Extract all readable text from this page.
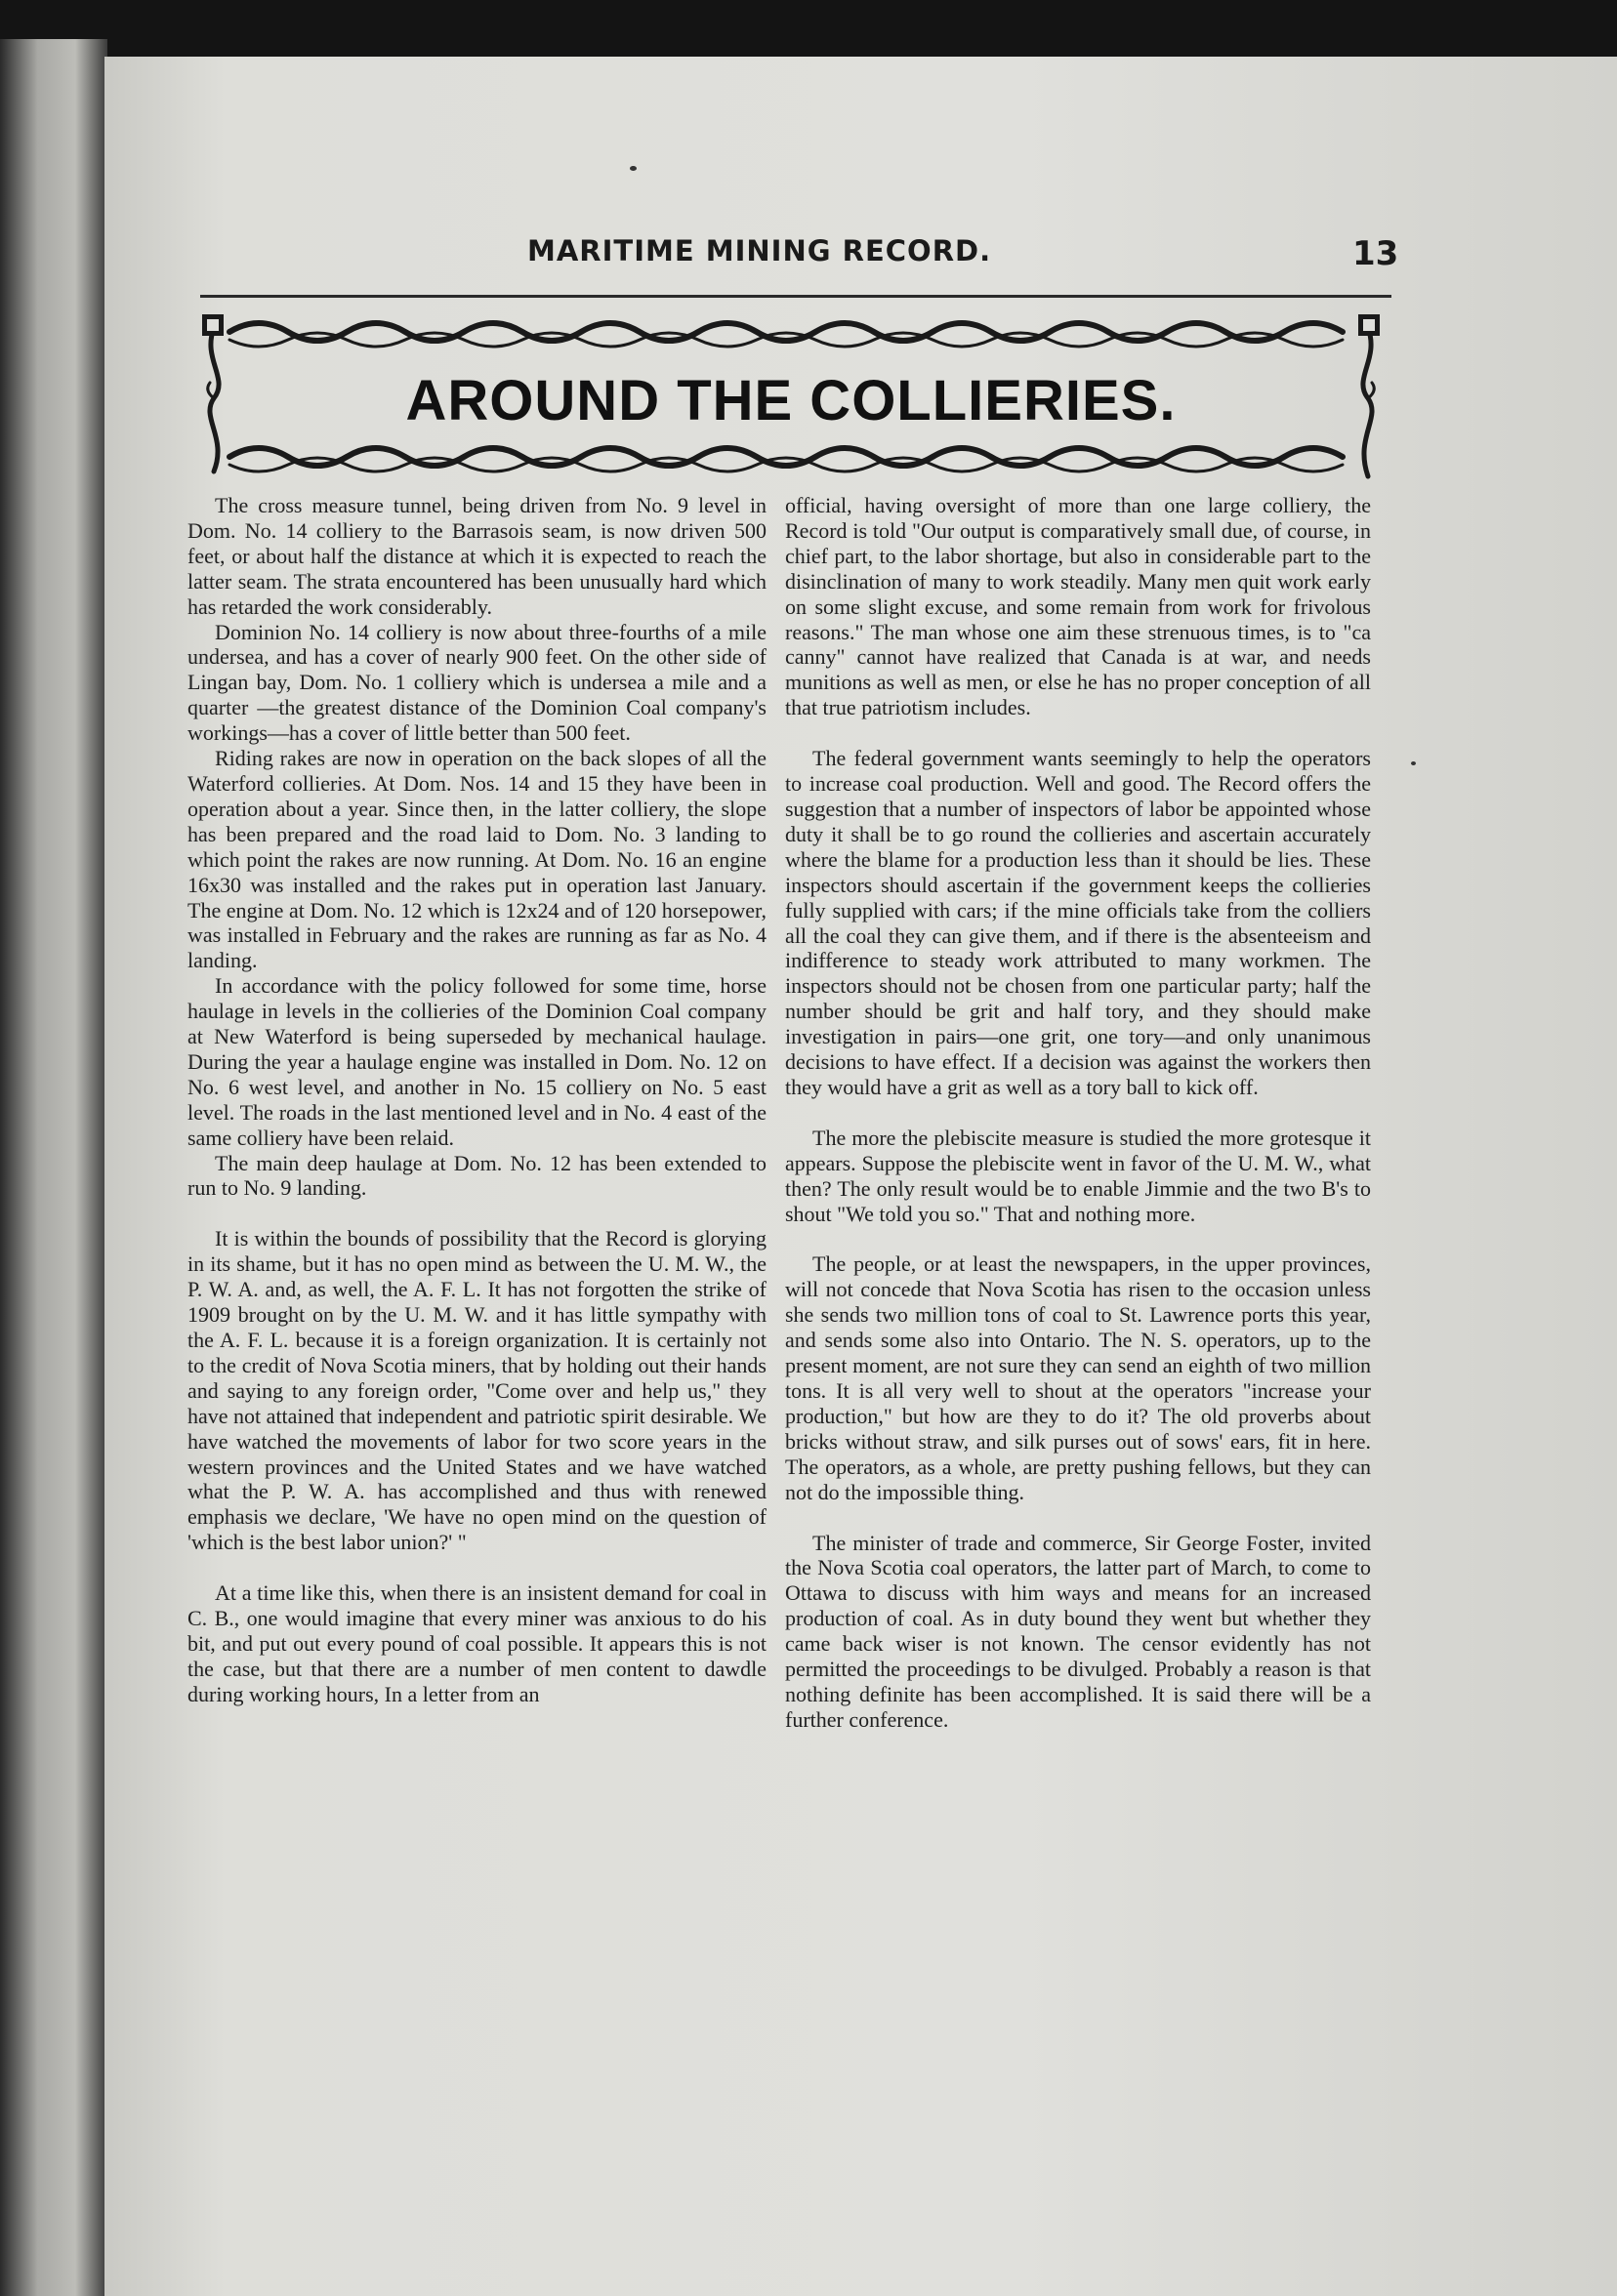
MARITIME MINING RECORD.	13
AROUND THE COLLIERIES.

The cross measure tunnel, being driven from No. 9 level in Dom. No. 14 colliery to the Barrasois seam, is now driven 500 feet, or about half the distance at which it is expected to reach the latter seam. The strata encountered has been unusually hard which has retarded the work considerably.

Dominion No. 14 colliery is now about three-fourths of a mile undersea, and has a cover of nearly 900 feet. On the other side of Lingan bay, Dom. No. 1 colliery which is undersea a mile and a quarter —the greatest distance of the Dominion Coal company's workings—has a cover of little better than 500 feet.

Riding rakes are now in operation on the back slopes of all the Waterford collieries. At Dom. Nos. 14 and 15 they have been in operation about a year. Since then, in the latter colliery, the slope has been prepared and the road laid to Dom. No. 3 landing to which point the rakes are now running. At Dom. No. 16 an engine 16x30 was installed and the rakes put in operation last January. The engine at Dom. No. 12 which is 12x24 and of 120 horsepower, was installed in February and the rakes are running as far as No. 4 landing.

In accordance with the policy followed for some time, horse haulage in levels in the collieries of the Dominion Coal company at New Waterford is being superseded by mechanical haulage. During the year a haulage engine was installed in Dom. No. 12 on No. 6 west level, and another in No. 15 colliery on No. 5 east level. The roads in the last mentioned level and in No. 4 east of the same colliery have been relaid.

The main deep haulage at Dom. No. 12 has been extended to run to No. 9 landing.

It is within the bounds of possibility that the Record is glorying in its shame, but it has no open mind as between the U. M. W., the P. W. A. and, as well, the A. F. L. It has not forgotten the strike of 1909 brought on by the U. M. W. and it has little sympathy with the A. F. L. because it is a foreign organization. It is certainly not to the credit of Nova Scotia miners, that by holding out their hands and saying to any foreign order, "Come over and help us," they have not attained that independent and patriotic spirit desirable. We have watched the movements of labor for two score years in the western provinces and the United States and we have watched what the P. W. A. has accomplished and thus with renewed emphasis we declare, 'We have no open mind on the question of 'which is the best labor union?' "

At a time like this, when there is an insistent demand for coal in C. B., one would imagine that every miner was anxious to do his bit, and put out every pound of coal possible. It appears this is not the case, but that there are a number of men content to dawdle during working hours, In a letter from an

official, having oversight of more than one large colliery, the Record is told "Our output is comparatively small due, of course, in chief part, to the labor shortage, but also in considerable part to the disinclination of many to work steadily. Many men quit work early on some slight excuse, and some remain from work for frivolous reasons." The man whose one aim these strenuous times, is to "ca canny" cannot have realized that Canada is at war, and needs munitions as well as men, or else he has no proper conception of all that true patriotism includes.

The federal government wants seemingly to help the operators to increase coal production. Well and good. The Record offers the suggestion that a number of inspectors of labor be appointed whose duty it shall be to go round the collieries and ascertain accurately where the blame for a production less than it should be lies. These inspectors should ascertain if the government keeps the collieries fully supplied with cars; if the mine officials take from the colliers all the coal they can give them, and if there is the absenteeism and indifference to steady work attributed to many workmen. The inspectors should not be chosen from one particular party; half the number should be grit and half tory, and they should make investigation in pairs—one grit, one tory—and only unanimous decisions to have effect. If a decision was against the workers then they would have a grit as well as a tory ball to kick off.

The more the plebiscite measure is studied the more grotesque it appears. Suppose the plebiscite went in favor of the U. M. W., what then? The only result would be to enable Jimmie and the two B's to shout "We told you so." That and nothing more.

The people, or at least the newspapers, in the upper provinces, will not concede that Nova Scotia has risen to the occasion unless she sends two million tons of coal to St. Lawrence ports this year, and sends some also into Ontario. The N. S. operators, up to the present moment, are not sure they can send an eighth of two million tons. It is all very well to shout at the operators "increase your production," but how are they to do it? The old proverbs about bricks without straw, and silk purses out of sows' ears, fit in here. The operators, as a whole, are pretty pushing fellows, but they can not do the impossible thing.

The minister of trade and commerce, Sir George Foster, invited the Nova Scotia coal operators, the latter part of March, to come to Ottawa to discuss with him ways and means for an increased production of coal. As in duty bound they went but whether they came back wiser is not known. The censor evidently has not permitted the proceedings to be divulged. Probably a reason is that nothing definite has been accomplished. It is said there will be a further conference.
